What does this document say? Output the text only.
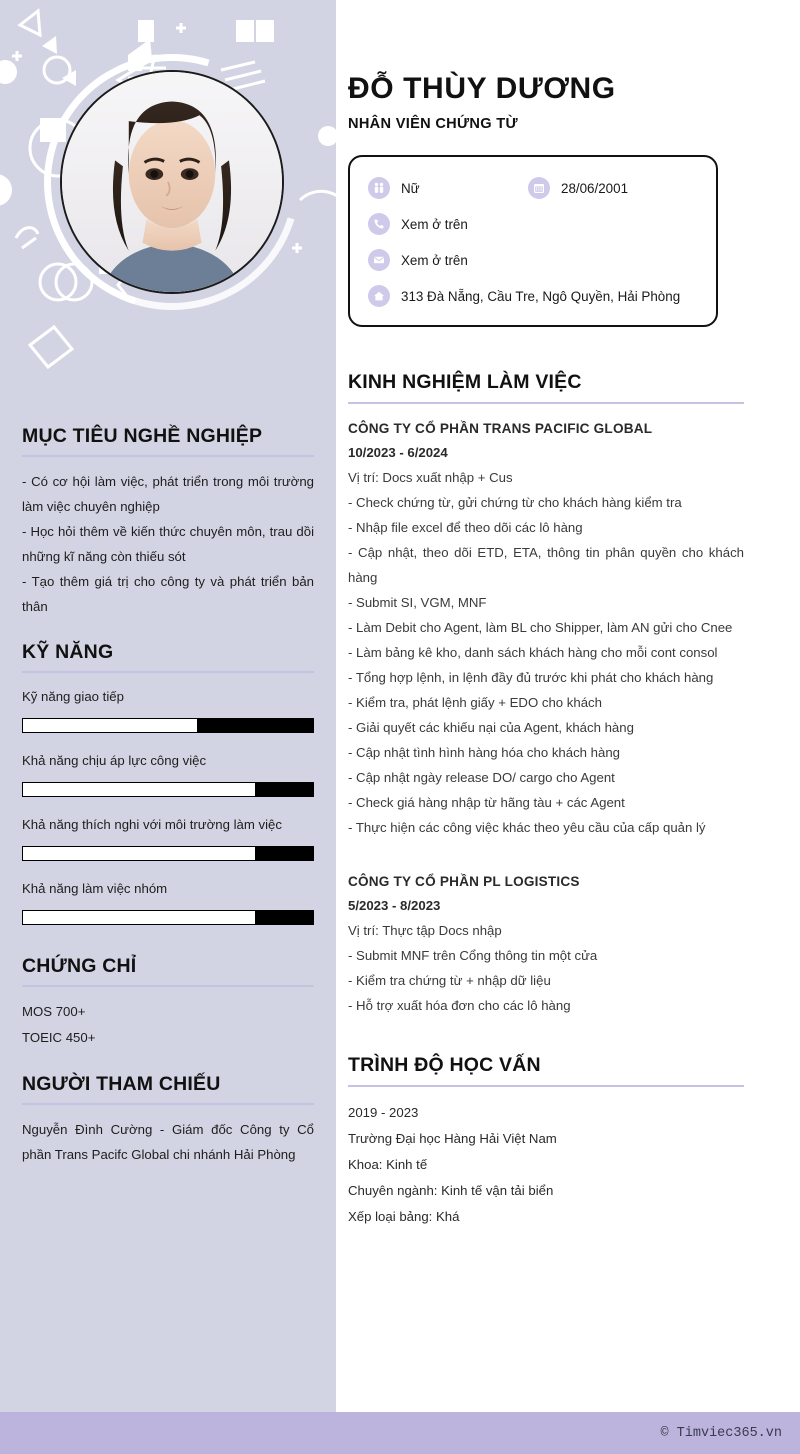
MỤC TIÊU NGHỀ NGHIỆP
- Có cơ hội làm việc, phát triển trong môi trường làm việc chuyên nghiệp
- Học hỏi thêm về kiến thức chuyên môn, trau dồi những kĩ năng còn thiếu sót
- Tạo thêm giá trị cho công ty và phát triển bản thân
KỸ NĂNG
Kỹ năng giao tiếp
Khả năng chịu áp lực công việc
Khả năng thích nghi với môi trường làm việc
Khả năng làm việc nhóm
CHỨNG CHỈ
MOS 700+
TOEIC 450+
NGƯỜI THAM CHIẾU
Nguyễn Đình Cường - Giám đốc Công ty Cổ phần Trans Pacifc Global chi nhánh Hải Phòng
ĐỖ THÙY DƯƠNG
NHÂN VIÊN CHỨNG TỪ
Nữ	28/06/2001
Xem ở trên
Xem ở trên
313 Đà Nẵng, Cầu Tre, Ngô Quyền, Hải Phòng
KINH NGHIỆM LÀM VIỆC
CÔNG TY CỔ PHẦN TRANS PACIFIC GLOBAL
10/2023 - 6/2024
Vị trí: Docs xuất nhập + Cus
- Check chứng từ, gửi chứng từ cho khách hàng kiểm tra
- Nhập file excel để theo dõi các lô hàng
- Cập nhật, theo dõi ETD, ETA, thông tin phân quyền cho khách hàng
- Submit SI, VGM, MNF
- Làm Debit cho Agent, làm BL cho Shipper, làm AN gửi cho Cnee
- Làm bảng kê kho, danh sách khách hàng cho mỗi cont consol
- Tổng hợp lệnh, in lệnh đầy đủ trước khi phát cho khách hàng
- Kiểm tra, phát lệnh giấy + EDO cho khách
- Giải quyết các khiếu nại của Agent, khách hàng
- Cập nhật tình hình hàng hóa cho khách hàng
- Cập nhật ngày release DO/ cargo cho Agent
- Check giá hàng nhập từ hãng tàu + các Agent
- Thực hiện các công việc khác theo yêu cầu của cấp quản lý
CÔNG TY CỔ PHẦN PL LOGISTICS
5/2023 - 8/2023
Vị trí: Thực tập Docs nhập
- Submit MNF trên Cổng thông tin một cửa
- Kiểm tra chứng từ + nhập dữ liệu
- Hỗ trợ xuất hóa đơn cho các lô hàng
TRÌNH ĐỘ HỌC VẤN
2019 - 2023
Trường Đại học Hàng Hải Việt Nam
Khoa: Kinh tế
Chuyên ngành: Kinh tế vận tải biển
Xếp loại bảng: Khá
© Timviec365.vn
